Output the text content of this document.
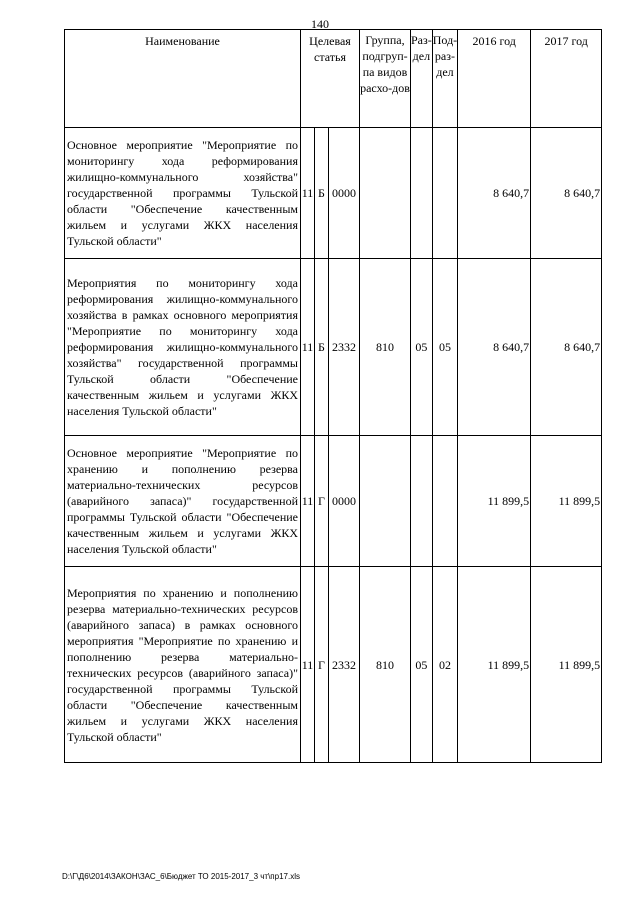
140
Наименование	Целевая статья			Группа, подгруп-па видов расхо-дов	Раз-дел	Под-раз-дел	2016 год	2017 год
Основное мероприятие "Мероприятие по мониторингу хода реформирования жилищно-коммунального хозяйства" государственной программы Тульской области "Обеспечение качественным жильем и услугами ЖКХ населения Тульской области"	11	Б	0000				8 640,7	8 640,7
Мероприятия по мониторингу хода реформирования жилищно-коммунального хозяйства в рамках основного мероприятия "Мероприятие по мониторингу хода реформирования жилищно-коммунального хозяйства" государственной программы Тульской области "Обеспечение качественным жильем и услугами ЖКХ населения Тульской области"	11	Б	2332	810	05	05	8 640,7	8 640,7
Основное мероприятие "Мероприятие по хранению и пополнению резерва материально-технических ресурсов (аварийного запаса)" государственной программы Тульской области "Обеспечение качественным жильем и услугами ЖКХ населения Тульской области"	11	Г	0000				11 899,5	11 899,5
Мероприятия по хранению и пополнению резерва материально-технических ресурсов (аварийного запаса) в рамках основного мероприятия "Мероприятие по хранению и пополнению резерва материально-технических ресурсов (аварийного запаса)" государственной программы Тульской области "Обеспечение качественным жильем и услугами ЖКХ населения Тульской области"	11	Г	2332	810	05	02	11 899,5	11 899,5
D:\Г\Д6\2014\ЗАКОН\ЗАС_6\Бюджет ТО 2015-2017_3 чт\пр17.xls
